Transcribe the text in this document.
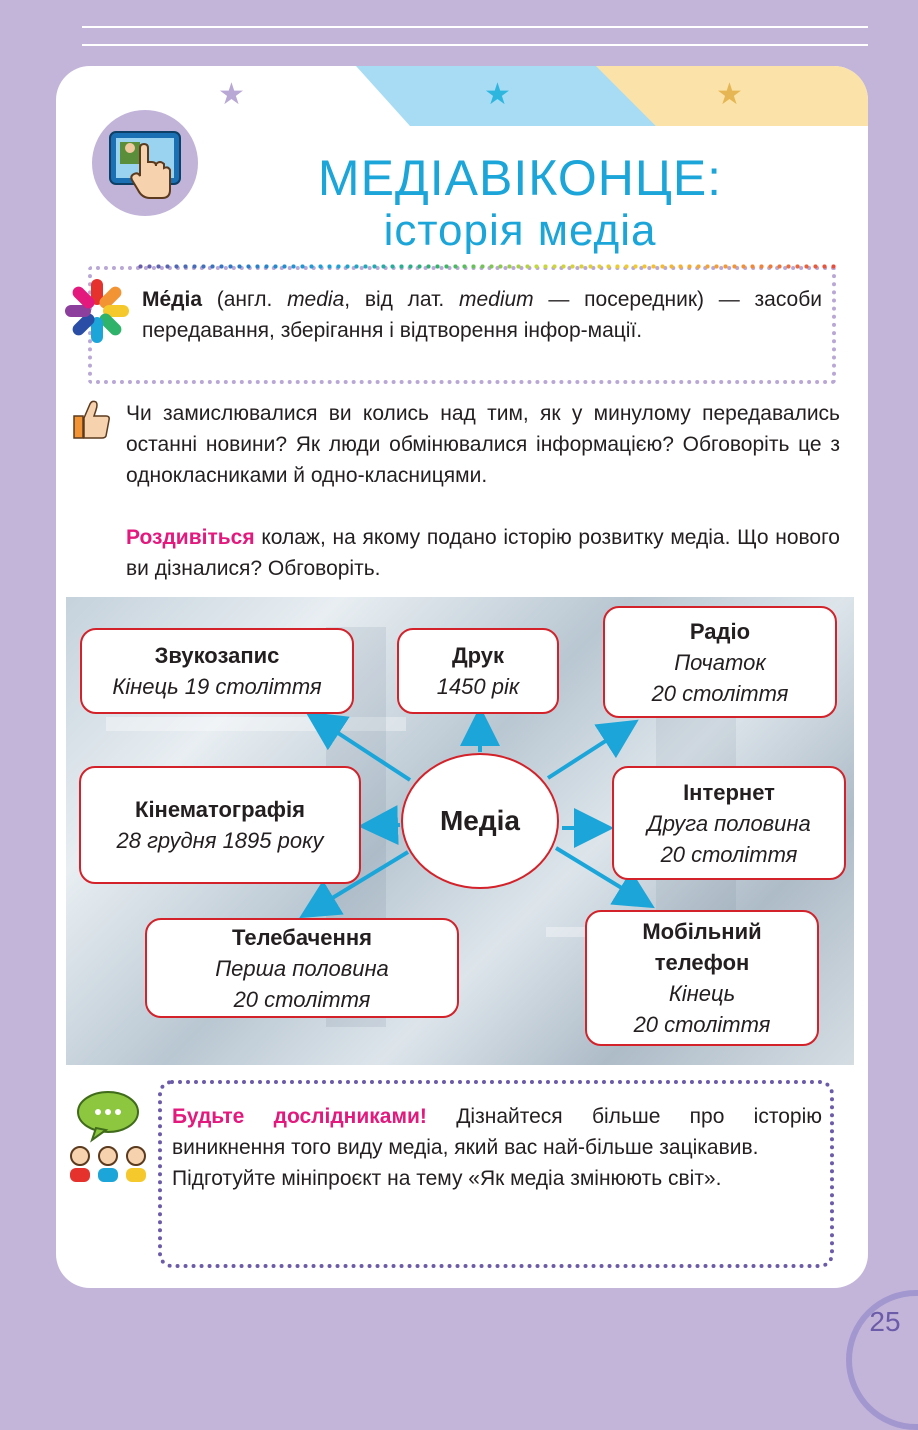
★	★	★
МЕДІАВІКОНЦЕ:
історія медіа
Ме́діа (англ. media, від лат. medium — посередник) — засоби передавання, зберігання і відтворення інфор-мації.
Чи замислювалися ви колись над тим, як у минулому передавались останні новини? Як люди обмінювалися інформацією? Обговоріть це з однокласниками й одно-класницями.
Роздивіться колаж, на якому подано історію розвитку медіа. Що нового ви дізналися? Обговоріть.
Звукозапис
Кінець 19 століття
Друк
1450 рік
Радіо
Початок
20 століття
Кінематографія
28 грудня 1895 року
Медіа
Інтернет
Друга половина
20 століття
Телебачення
Перша половина
20 століття
Мобільний
телефон
Кінець
20 століття
Будьте дослідниками! Дізнайтеся більше про історію виникнення того виду медіа, який вас най-більше зацікавив.
Підготуйте мініпроєкт на тему «Як медіа змінюють світ».
25
